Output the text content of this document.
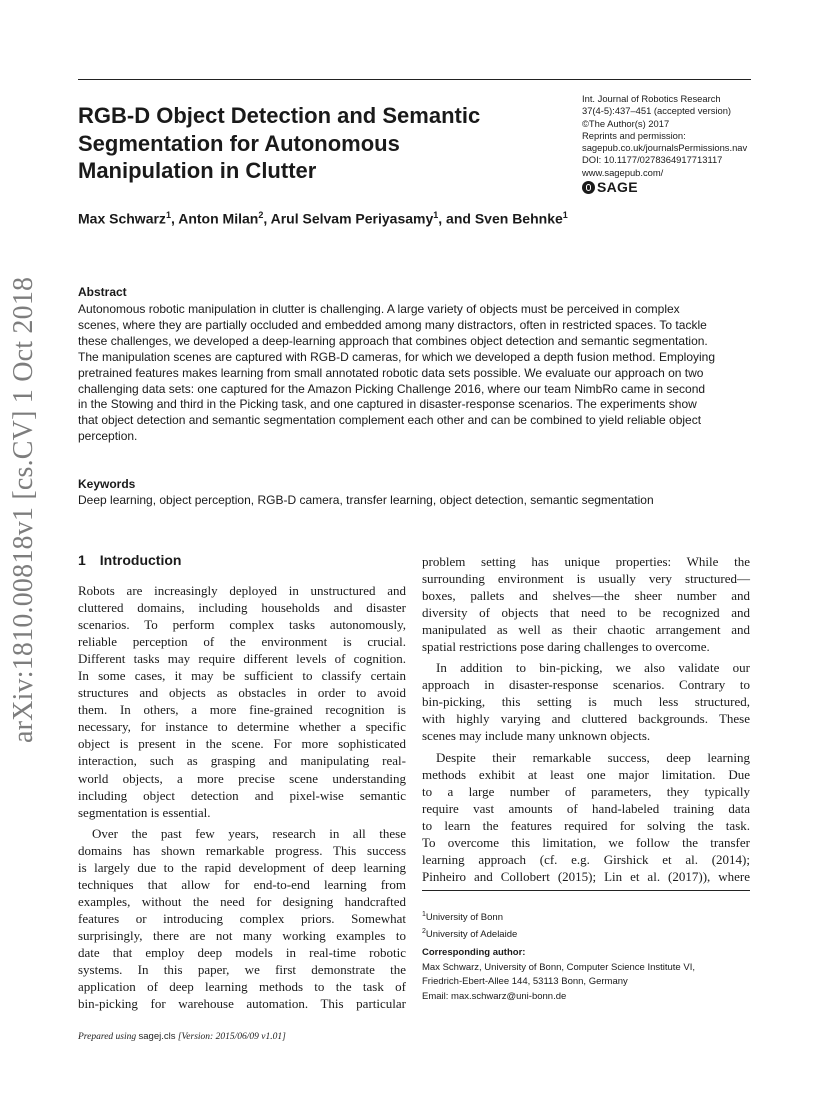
RGB-D Object Detection and Semantic
Segmentation for Autonomous
Manipulation in Clutter
Int. Journal of Robotics Research
37(4-5):437–451 (accepted version)
©The Author(s) 2017
Reprints and permission:
sagepub.co.uk/journalsPermissions.nav
DOI: 10.1177/0278364917713117
www.sagepub.com/
SAGE
Max Schwarz$^1$, Anton Milan$^2$, Arul Selvam Periyasamy$^1$, and Sven Behnke$^1$
arXiv:1810.00818v1 [cs.CV] 1 Oct 2018	Abstract
Autonomous robotic manipulation in clutter is challenging. A large variety of objects must be perceived in complex
scenes, where they are partially occluded and embedded among many distractors, often in restricted spaces. To tackle
these challenges, we developed a deep-learning approach that combines object detection and semantic segmentation.
The manipulation scenes are captured with RGB-D cameras, for which we developed a depth fusion method. Employing
pretrained features makes learning from small annotated robotic data sets possible. We evaluate our approach on two
challenging data sets: one captured for the Amazon Picking Challenge 2016, where our team NimbRo came in second
in the Stowing and third in the Picking task, and one captured in disaster-response scenarios. The experiments show
that object detection and semantic segmentation complement each other and can be combined to yield reliable object
perception.
Keywords
Deep learning, object perception, RGB-D camera, transfer learning, object detection, semantic segmentation
1 Introduction
Robots are increasingly deployed in unstructured and
cluttered domains, including households and disaster
scenarios. To perform complex tasks autonomously,
reliable perception of the environment is crucial.
Different tasks may require different levels of cognition.
In some cases, it may be sufficient to classify certain
structures and objects as obstacles in order to avoid
them. In others, a more fine-grained recognition is
necessary, for instance to determine whether a specific
object is present in the scene. For more sophisticated
interaction, such as grasping and manipulating real-
world objects, a more precise scene understanding
including object detection and pixel-wise semantic
segmentation is essential.
Over the past few years, research in all these
domains has shown remarkable progress. This success
is largely due to the rapid development of deep learning
techniques that allow for end-to-end learning from
examples, without the need for designing handcrafted
features or introducing complex priors. Somewhat
surprisingly, there are not many working examples to
date that employ deep models in real-time robotic
systems. In this paper, we first demonstrate the
application of deep learning methods to the task of
bin-picking for warehouse automation. This particular
problem setting has unique properties: While the
surrounding environment is usually very structured—
boxes, pallets and shelves—the sheer number and
diversity of objects that need to be recognized and
manipulated as well as their chaotic arrangement and
spatial restrictions pose daring challenges to overcome.
In addition to bin-picking, we also validate our
approach in disaster-response scenarios. Contrary to
bin-picking, this setting is much less structured,
with highly varying and cluttered backgrounds. These
scenes may include many unknown objects.
Despite their remarkable success, deep learning
methods exhibit at least one major limitation. Due
to a large number of parameters, they typically
require vast amounts of hand-labeled training data
to learn the features required for solving the task.
To overcome this limitation, we follow the transfer
learning approach (cf. e.g. Girshick et al. (2014);
Pinheiro and Collobert (2015); Lin et al. (2017)), where
$^1$University of Bonn
$^2$University of Adelaide
Corresponding author:
Max Schwarz, University of Bonn, Computer Science Institute VI,
Friedrich-Ebert-Allee 144, 53113 Bonn, Germany
Email: max.schwarz@uni-bonn.de
Prepared using sagej.cls [Version: 2015/06/09 v1.01]
